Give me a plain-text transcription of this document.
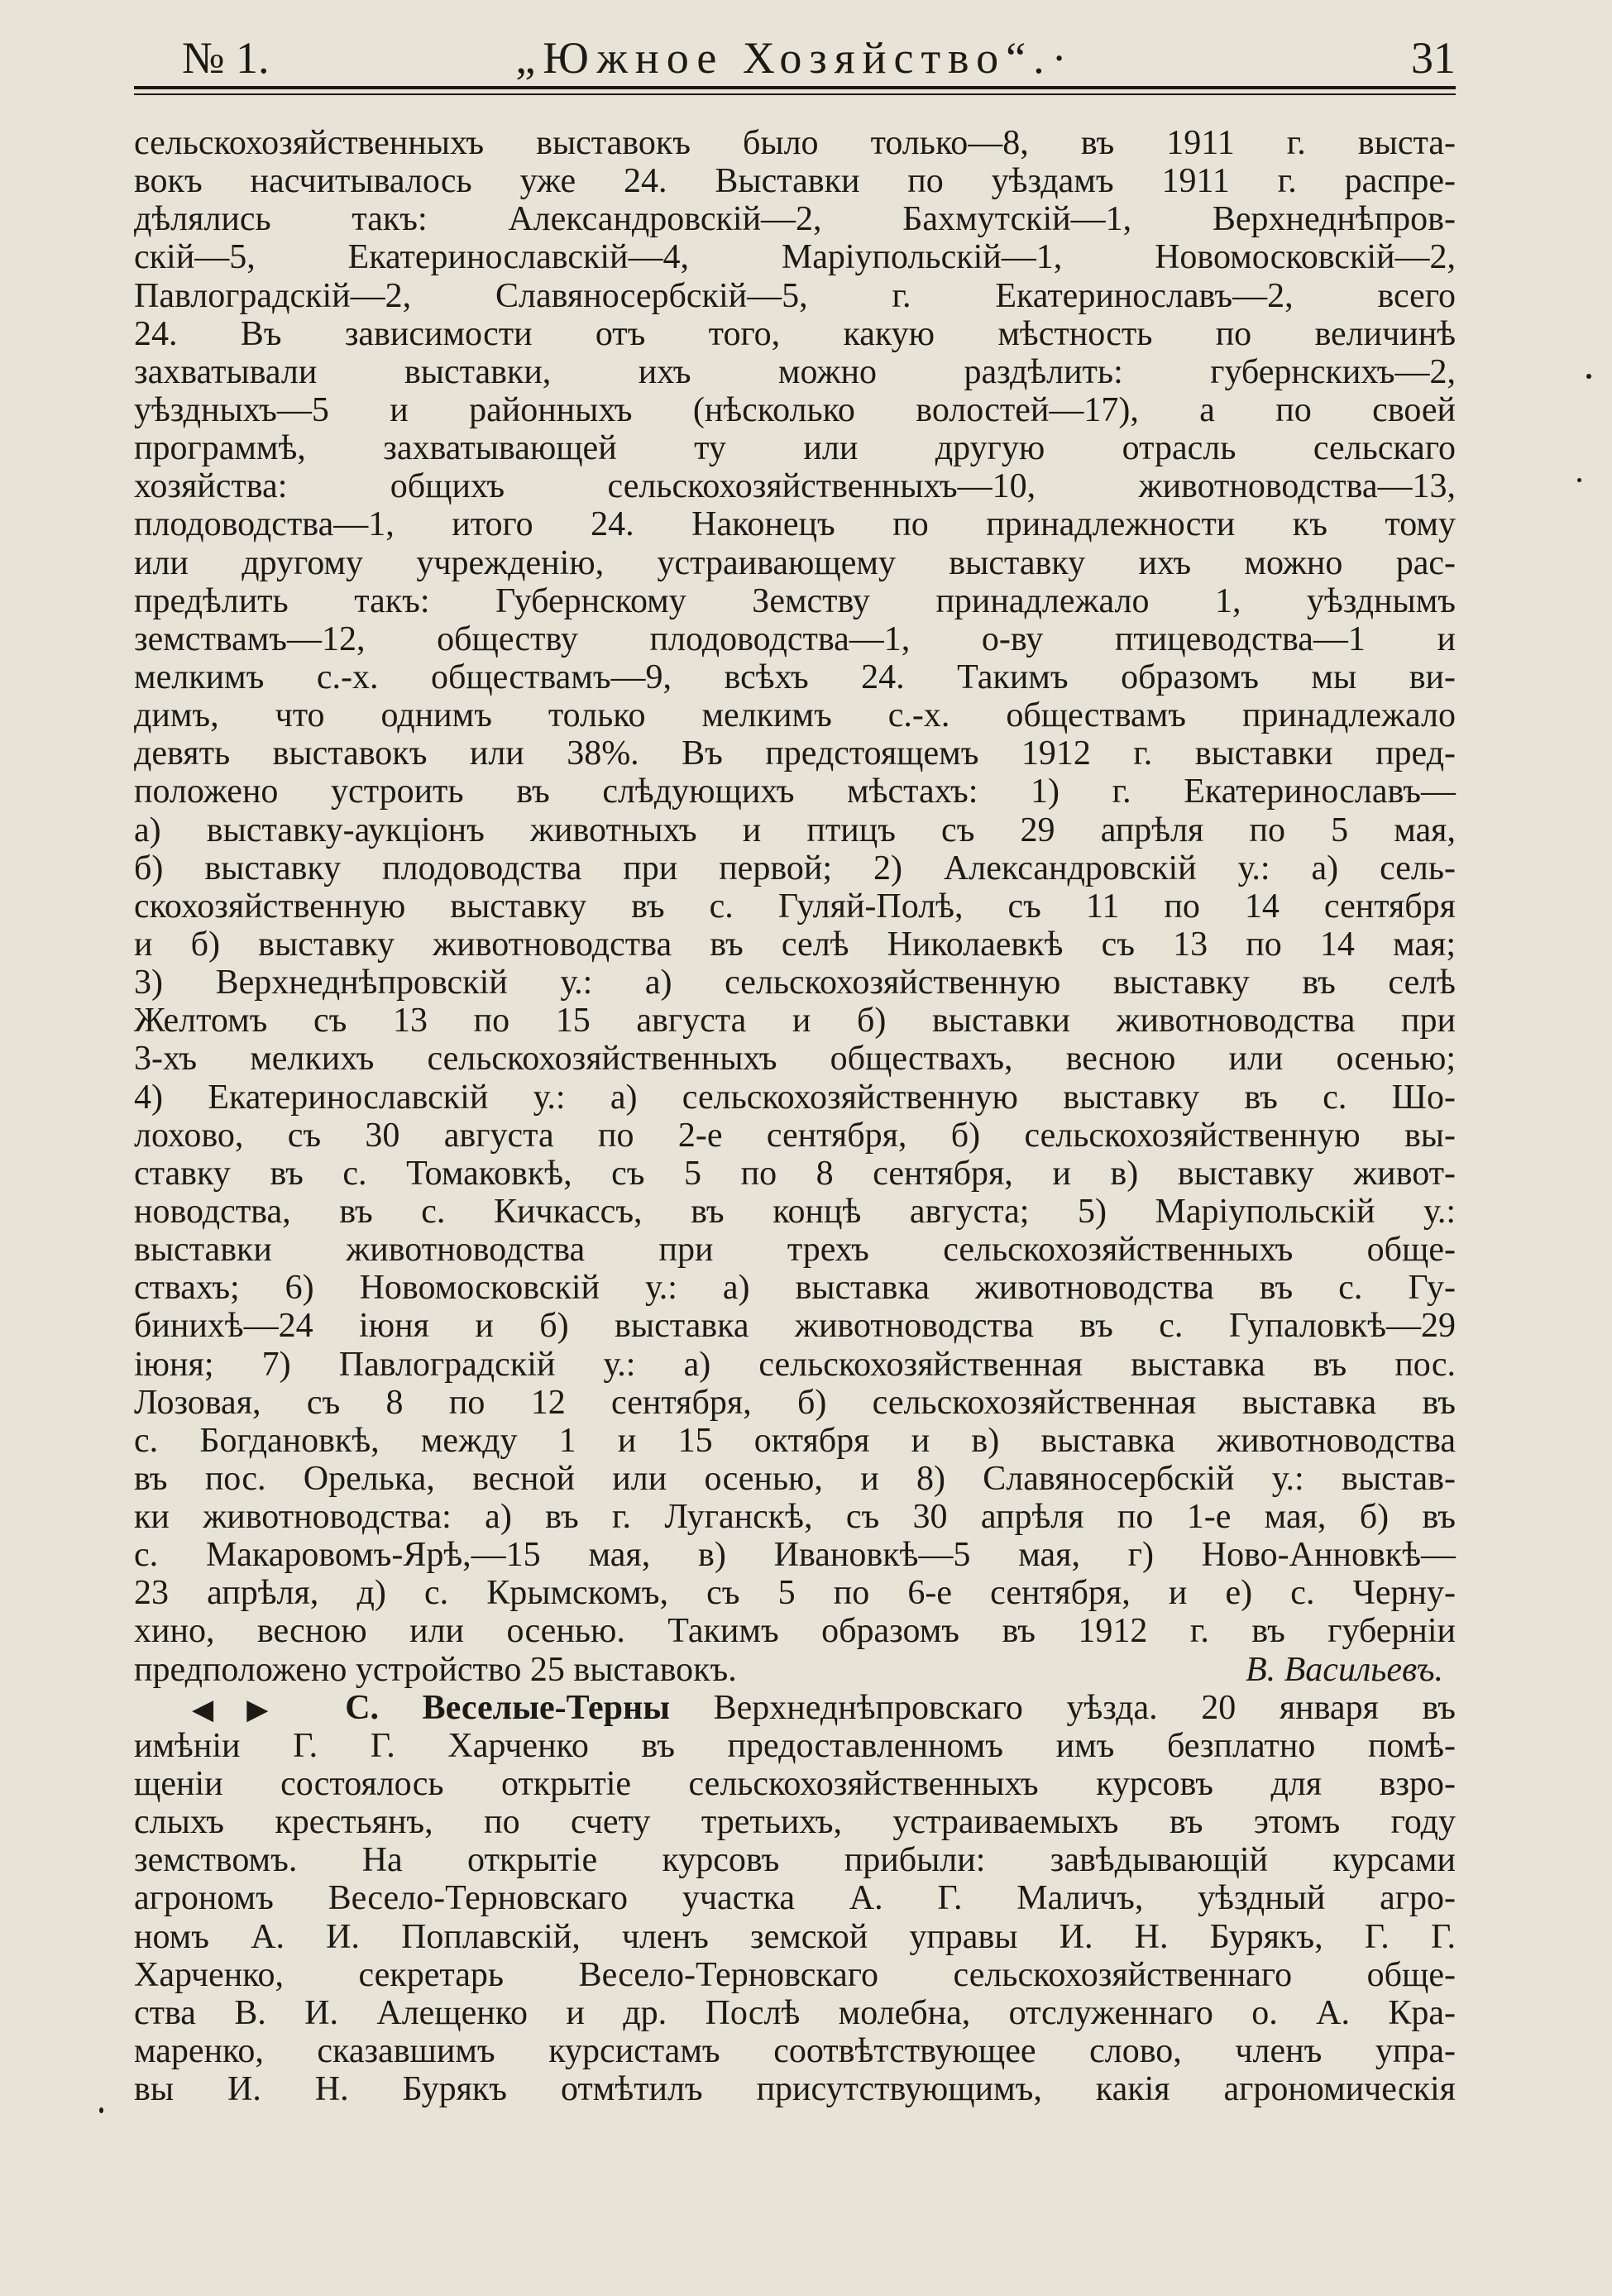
№ 1.	„Южное Хозяйство“.·	31
сельскохозяйственныхъ выставокъ было только—8, въ 1911 г. выста-
вокъ насчитывалось уже 24. Выставки по уѣздамъ 1911 г. распре-
дѣлялись такъ: Александровскій—2, Бахмутскій—1, Верхнеднѣпров-
скій—5, Екатеринославскій—4, Маріупольскій—1, Новомосковскій—2,
Павлоградскій—2, Славяносербскій—5, г. Екатеринославъ—2, всего
24. Въ зависимости отъ того, какую мѣстность по величинѣ
захватывали выставки, ихъ можно раздѣлить: губернскихъ—2,
уѣздныхъ—5 и районныхъ (нѣсколько волостей—17), а по своей
программѣ, захватывающей ту или другую отрасль сельскаго
хозяйства: общихъ сельскохозяйственныхъ—10, животноводства—13,
плодоводства—1, итого 24. Наконецъ по принадлежности къ тому
или другому учрежденію, устраивающему выставку ихъ можно рас-
предѣлить такъ: Губернскому Земству принадлежало 1, уѣзднымъ
земствамъ—12, обществу плодоводства—1, о-ву птицеводства—1 и
мелкимъ с.-х. обществамъ—9, всѣхъ 24. Такимъ образомъ мы ви-
димъ, что однимъ только мелкимъ с.-х. обществамъ принадлежало
девять выставокъ или 38%. Въ предстоящемъ 1912 г. выставки пред-
положено устроить въ слѣдующихъ мѣстахъ: 1) г. Екатеринославъ—
а) выставку-аукціонъ животныхъ и птицъ съ 29 апрѣля по 5 мая,
б) выставку плодоводства при первой; 2) Александровскій у.: а) сель-
скохозяйственную выставку въ с. Гуляй-Полѣ, съ 11 по 14 сентября
и б) выставку животноводства въ селѣ Николаевкѣ съ 13 по 14 мая;
3) Верхнеднѣпровскій у.: а) сельскохозяйственную выставку въ селѣ
Желтомъ съ 13 по 15 августа и б) выставки животноводства при
3-хъ мелкихъ сельскохозяйственныхъ обществахъ, весною или осенью;
4) Екатеринославскій у.: а) сельскохозяйственную выставку въ с. Шо-
лохово, съ 30 августа по 2-е сентября, б) сельскохозяйственную вы-
ставку въ с. Томаковкѣ, съ 5 по 8 сентября, и в) выставку живот-
новодства, въ с. Кичкассъ, въ концѣ августа; 5) Маріупольскій у.:
выставки животноводства при трехъ сельскохозяйственныхъ обще-
ствахъ; 6) Новомосковскій у.: а) выставка животноводства въ с. Гу-
бинихѣ—24 іюня и б) выставка животноводства въ с. Гупаловкѣ—29
іюня; 7) Павлоградскій у.: а) сельскохозяйственная выставка въ пос.
Лозовая, съ 8 по 12 сентября, б) сельскохозяйственная выставка въ
с. Богдановкѣ, между 1 и 15 октября и в) выставка животноводства
въ пос. Орелька, весной или осенью, и 8) Славяносербскій у.: выстав-
ки животноводства: а) въ г. Луганскѣ, съ 30 апрѣля по 1-е мая, б) въ
с. Макаровомъ-Ярѣ,—15 мая, в) Ивановкѣ—5 мая, г) Ново-Анновкѣ—
23 апрѣля, д) с. Крымскомъ, съ 5 по 6-е сентября, и е) с. Черну-
хино, весною или осенью. Такимъ образомъ въ 1912 г. въ губерніи
предположено устройство 25 выставокъ.	В. Васильевъ.
◀▶ С. Веселые-Терны Верхнеднѣпровскаго уѣзда. 20 января въ
имѣніи Г. Г. Харченко въ предоставленномъ имъ безплатно помѣ-
щеніи состоялось открытіе сельскохозяйственныхъ курсовъ для взро-
слыхъ крестьянъ, по счету третьихъ, устраиваемыхъ въ этомъ году
земствомъ. На открытіе курсовъ прибыли: завѣдывающій курсами
агрономъ Весело-Терновскаго участка А. Г. Маличъ, уѣздный агро-
номъ А. И. Поплавскій, членъ земской управы И. Н. Бурякъ, Г. Г.
Харченко, секретарь Весело-Терновскаго сельскохозяйственнаго обще-
ства В. И. Алещенко и др. Послѣ молебна, отслуженнаго о. А. Кра-
маренко, сказавшимъ курсистамъ соотвѣтствующее слово, членъ упра-
вы И. Н. Бурякъ отмѣтилъ присутствующимъ, какія агрономическія
